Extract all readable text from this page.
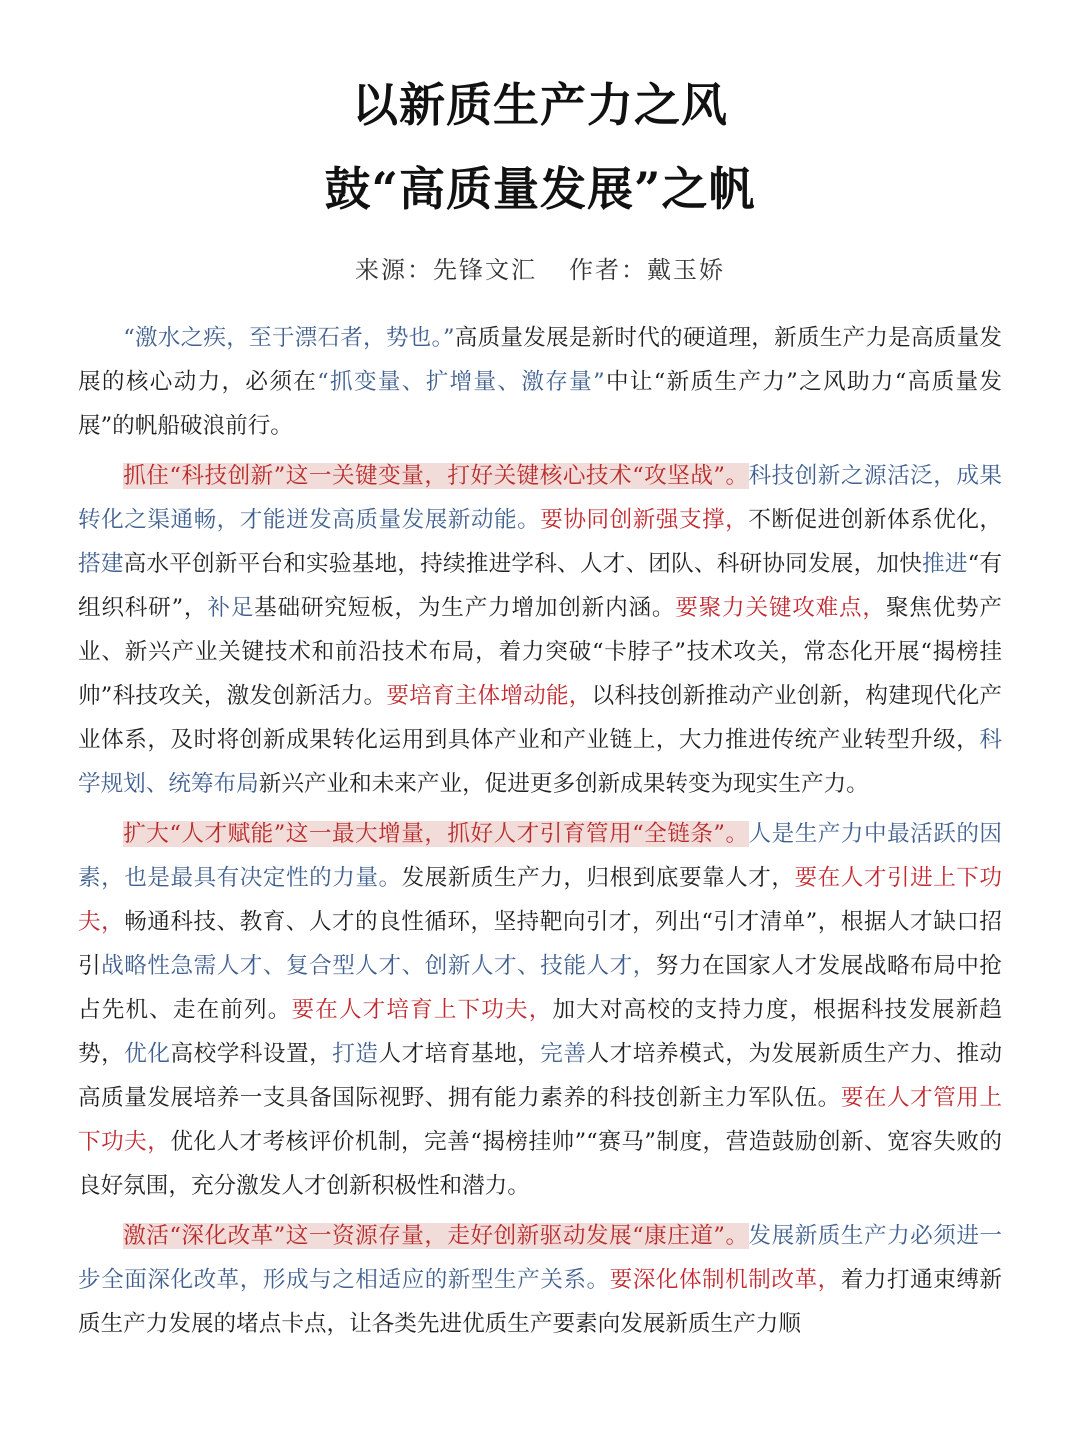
以新质生产力之风
鼓“高质量发展”之帆
来源：先锋文汇 作者：戴玉娇

“激水之疾，至于漂石者，势也。”高质量发展是新时代的硬道理，新质生产力是高质量发展的核心动力，必须在“抓变量、扩增量、激存量”中让“新质生产力”之风助力“高质量发展”的帆船破浪前行。

抓住“科技创新”这一关键变量，打好关键核心技术“攻坚战”。科技创新之源活泛，成果转化之渠通畅，才能迸发高质量发展新动能。要协同创新强支撑，不断促进创新体系优化，搭建高水平创新平台和实验基地，持续推进学科、人才、团队、科研协同发展，加快推进“有组织科研”，补足基础研究短板，为生产力增加创新内涵。要聚力关键攻难点，聚焦优势产业、新兴产业关键技术和前沿技术布局，着力突破“卡脖子”技术攻关，常态化开展“揭榜挂帅”科技攻关，激发创新活力。要培育主体增动能，以科技创新推动产业创新，构建现代化产业体系，及时将创新成果转化运用到具体产业和产业链上，大力推进传统产业转型升级，科学规划、统筹布局新兴产业和未来产业，促进更多创新成果转变为现实生产力。

扩大“人才赋能”这一最大增量，抓好人才引育管用“全链条”。人是生产力中最活跃的因素，也是最具有决定性的力量。发展新质生产力，归根到底要靠人才，要在人才引进上下功夫，畅通科技、教育、人才的良性循环，坚持靶向引才，列出“引才清单”，根据人才缺口招引战略性急需人才、复合型人才、创新人才、技能人才，努力在国家人才发展战略布局中抢占先机、走在前列。要在人才培育上下功夫，加大对高校的支持力度，根据科技发展新趋势，优化高校学科设置，打造人才培育基地，完善人才培养模式，为发展新质生产力、推动高质量发展培养一支具备国际视野、拥有能力素养的科技创新主力军队伍。要在人才管用上下功夫，优化人才考核评价机制，完善“揭榜挂帅”“赛马”制度，营造鼓励创新、宽容失败的良好氛围，充分激发人才创新积极性和潜力。

激活“深化改革”这一资源存量，走好创新驱动发展“康庄道”。发展新质生产力必须进一步全面深化改革，形成与之相适应的新型生产关系。要深化体制机制改革，着力打通束缚新质生产力发展的堵点卡点，让各类先进优质生产要素向发展新质生产力顺
